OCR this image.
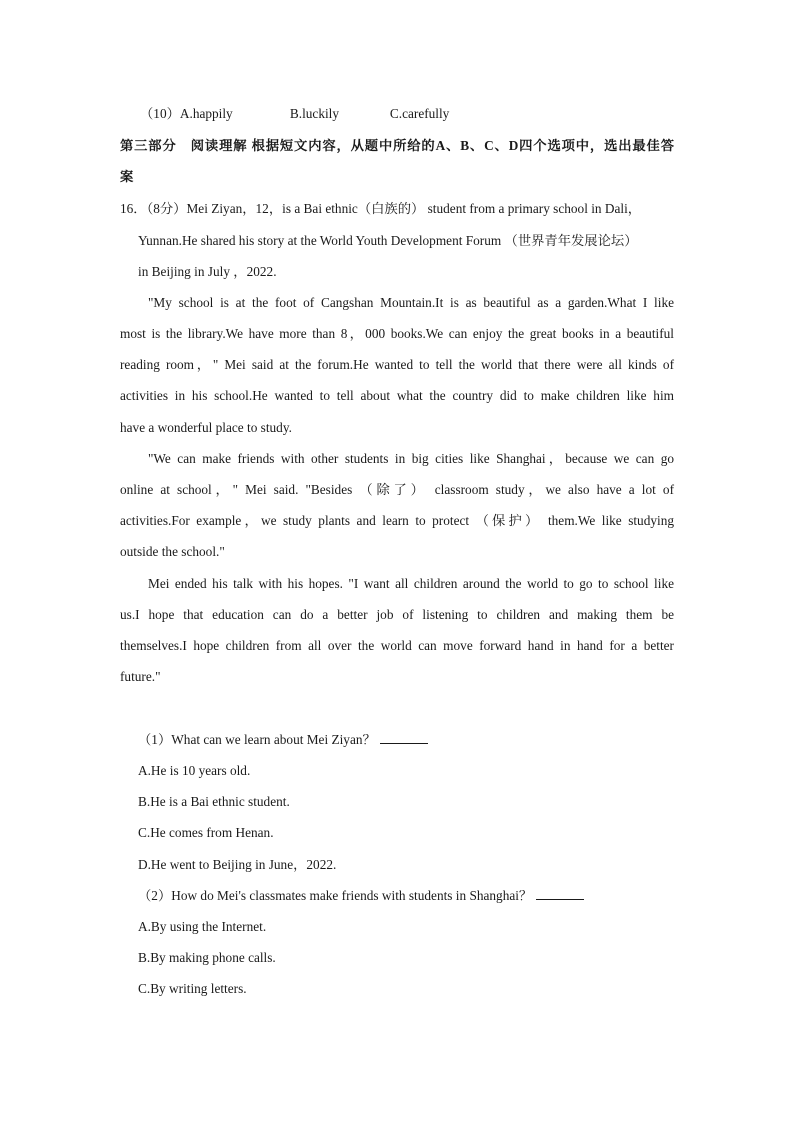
（10）A.happily	B.luckily	C.carefully
第三部分　阅读理解 根据短文内容，从题中所给的A、B、C、D四个选项中，选出最佳答
案
16．（8分）Mei Ziyan，12，is a Bai ethnic（白族的） student from a primary school in Dali，
Yunnan.He shared his story at the World Youth Development Forum （世界青年发展论坛）
in Beijing in July ，2022.
"My school is at the foot of Cangshan Mountain.It is as beautiful as a garden.What I like
most is the library.We have more than 8，000 books.We can enjoy the great books in a beautiful
reading room，" Mei said at the forum.He wanted to tell the world that there were all kinds of
activities in his school.He wanted to tell about what the country did to make children like him
have a wonderful place to study.
"We can make friends with other students in big cities like Shanghai，because we can go
online at school，" Mei said. "Besides （除了） classroom study，we also have a lot of
activities.For example，we study plants and learn to protect （保护） them.We like studying
outside the school."
Mei ended his talk with his hopes. "I want all children around the world to go to school like
us.I hope that education can do a better job of listening to children and making them be
themselves.I hope children from all over the world can move forward hand in hand for a better
future."
（1）What can we learn about Mei Ziyan？
A.He is 10 years old.
B.He is a Bai ethnic student.
C.He comes from Henan.
D.He went to Beijing in June，2022.
（2）How do Mei's classmates make friends with students in Shanghai？
A.By using the Internet.
B.By making phone calls.
C.By writing letters.
